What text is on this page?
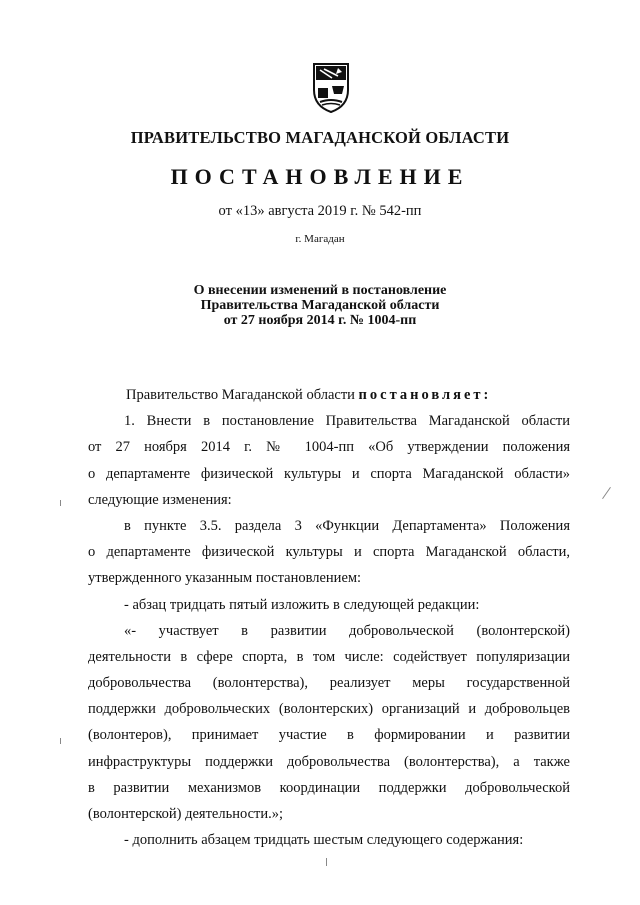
ПРАВИТЕЛЬСТВО МАГАДАНСКОЙ ОБЛАСТИ
ПОСТАНОВЛЕНИЕ
от «13» августа 2019 г. № 542-пп
г. Магадан
О внесении изменений в постановление
Правительства Магаданской области
от 27 ноября 2014 г. № 1004-пп
Правительство Магаданской области постановляет:
1. Внести в постановление Правительства Магаданской области
от 27 ноября 2014 г. № 1004-пп «Об утверждении положения
о департаменте физической культуры и спорта Магаданской области»
следующие изменения:
в пункте 3.5. раздела 3 «Функции Департамента» Положения
о департаменте физической культуры и спорта Магаданской области,
утвержденного указанным постановлением:
- абзац тридцать пятый изложить в следующей редакции:
«- участвует в развитии добровольческой (волонтерской)
деятельности в сфере спорта, в том числе: содействует популяризации
добровольчества (волонтерства), реализует меры государственной
поддержки добровольческих (волонтерских) организаций и добровольцев
(волонтеров), принимает участие в формировании и развитии
инфраструктуры поддержки добровольчества (волонтерства), а также
в развитии механизмов координации поддержки добровольческой
(волонтерской) деятельности.»;
- дополнить абзацем тридцать шестым следующего содержания:
